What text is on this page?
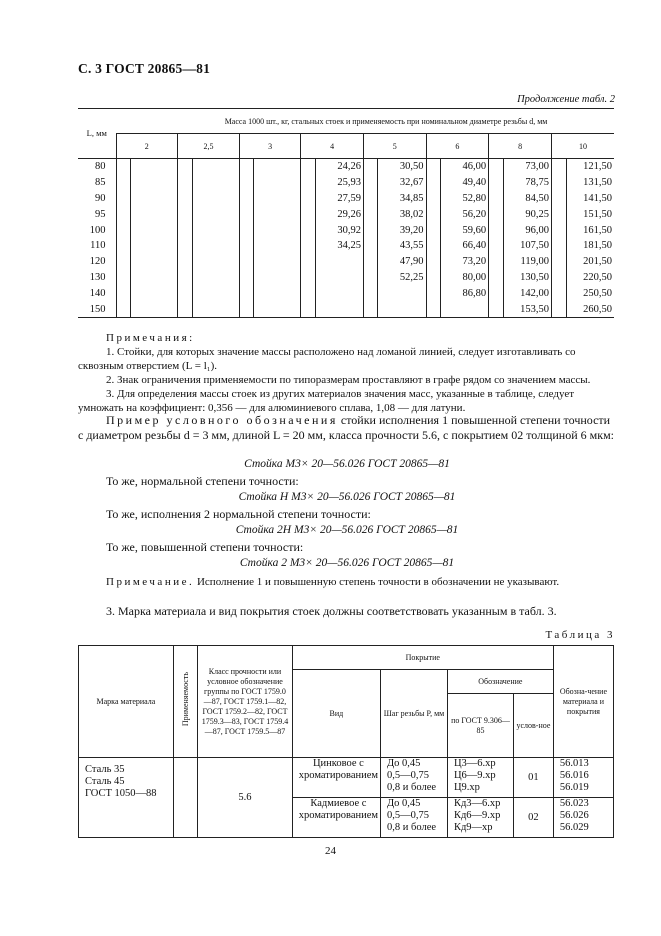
С. 3 ГОСТ 20865—81
Продолжение табл. 2
L, мм	Масса 1000 шт., кг, стальных стоек и применяемость при номинальном диаметре резьбы d, мм															
	2		2,5		3		4		5		6		8		10	
80								24,26		30,50		46,00		73,00		121,50
85								25,93		32,67		49,40		78,75		131,50
90								27,59		34,85		52,80		84,50		141,50
95								29,26		38,02		56,20		90,25		151,50
100								30,92		39,20		59,60		96,00		161,50
110								34,25		43,55		66,40		107,50		181,50
120										47,90		73,20		119,00		201,50
130										52,25		80,00		130,50		220,50
140												86,80		142,00		250,50
150														153,50		260,50
Примечания:
1. Стойки, для которых значение массы расположено над ломаной линией, следует изготавливать со сквозным отверстием (L = l₁).
2. Знак ограничения применяемости по типоразмерам проставляют в графе рядом со значением массы.
3. Для определения массы стоек из других материалов значения масс, указанные в таблице, следует умножать на коэффициент: 0,356 — для алюминиевого сплава, 1,08 — для латуни.
Пример условного обозначения стойки исполнения 1 повышенной степени точности с диаметром резьбы d = 3 мм, длиной L = 20 мм, класса прочности 5.6, с покрытием 02 толщиной 6 мкм:
Стойка М3× 20—56.026 ГОСТ 20865—81
То же, нормальной степени точности:
Стойка Н М3× 20—56.026 ГОСТ 20865—81
То же, исполнения 2 нормальной степени точности:
Стойка 2Н М3× 20—56.026 ГОСТ 20865—81
То же, повышенной степени точности:
Стойка 2 М3× 20—56.026 ГОСТ 20865—81
Примечание. Исполнение 1 и повышенную степень точности в обозначении не указывают.
3. Марка материала и вид покрытия стоек должны соответствовать указанным в табл. 3.
Таблица 3
Марка материала	Применяемость	Класс прочности или условное обозначение группы по ГОСТ 1759.0—87, ГОСТ 1759.1—82, ГОСТ 1759.2—82, ГОСТ 1759.3—83, ГОСТ 1759.4—87, ГОСТ 1759.5—87	Покрытие				Обозна-чение материала и покрытия
			Вид	Шаг резьбы P, мм	Обозначение		
					по ГОСТ 9.306—85	услов-ное	
Сталь 35
Сталь 45
ГОСТ 1050—88		5.6	Цинковое с хроматированием	До 0,45
0,5—0,75
0,8 и более	Ц3—6.хр
Ц6—9.хр
Ц9.хр	01	56.013
56.016
56.019
			Кадмиевое с хроматированием	До 0,45
0,5—0,75
0,8 и более	Кд3—6.хр
Кд6—9.хр
Кд9—хр	02	56.023
56.026
56.029
24
